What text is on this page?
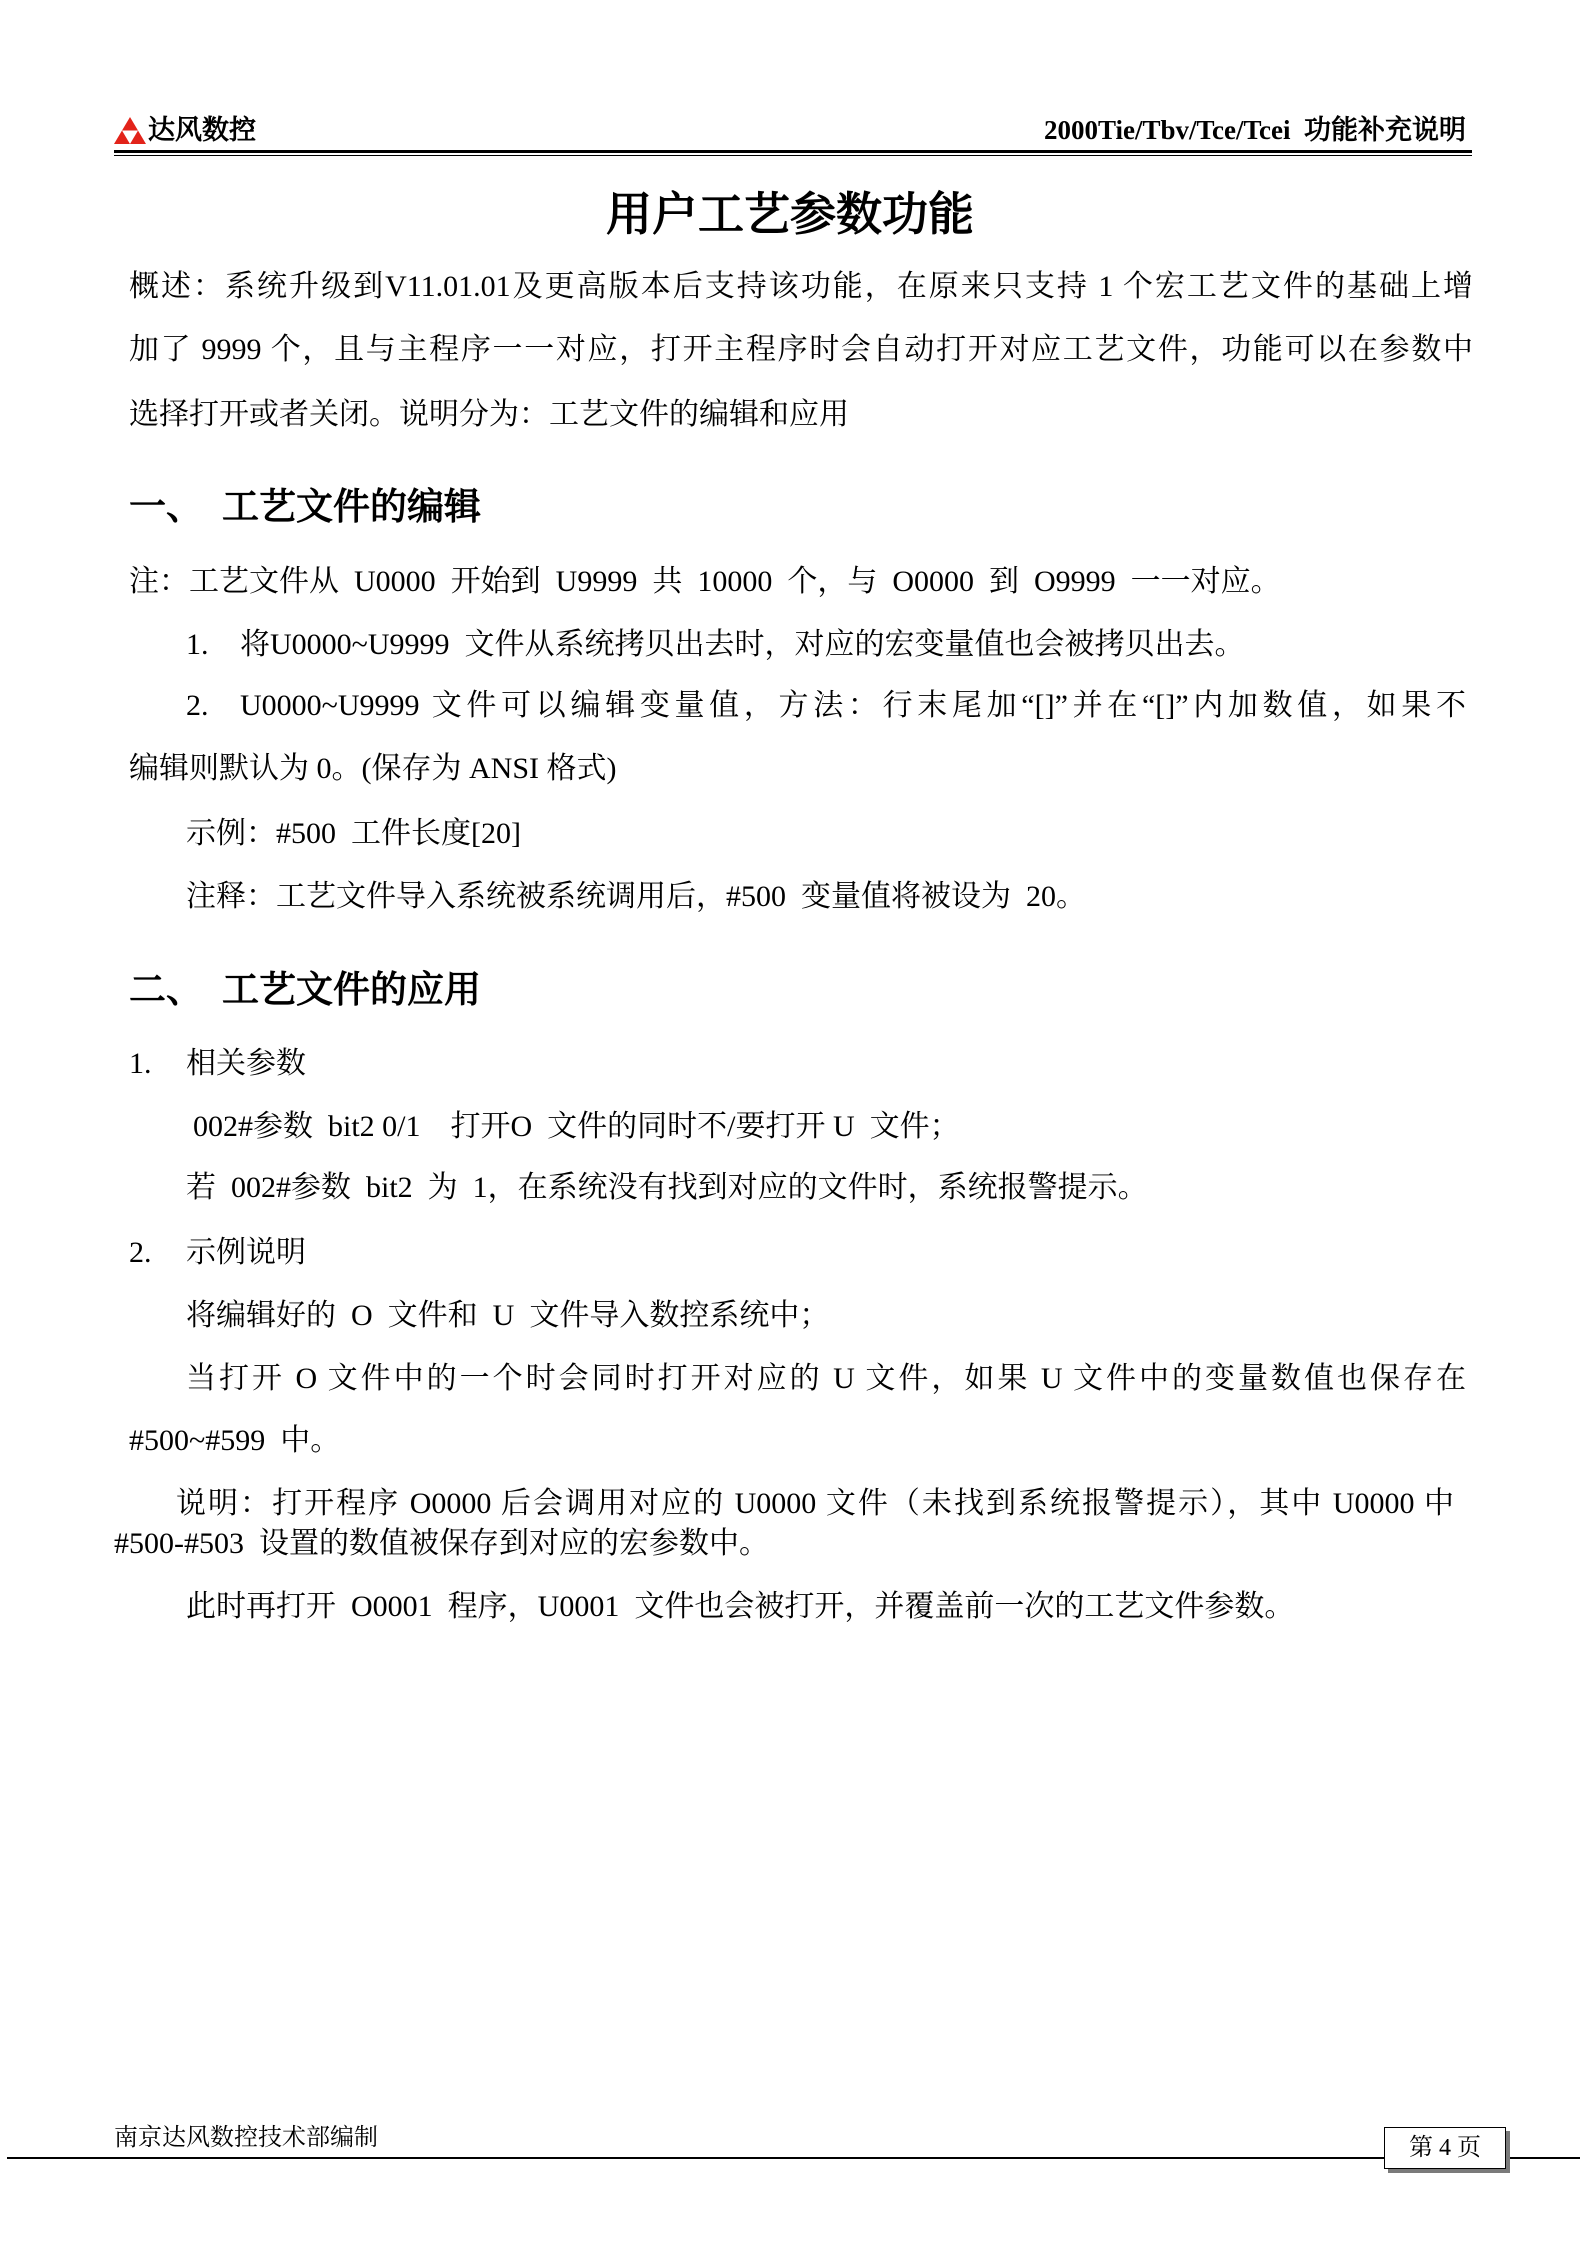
达风数控	2000Tie/Tbv/Tce/Tcei  功能补充说明
用户工艺参数功能
概述：系统升级到V11.01.01及更高版本后支持该功能，在原来只支持 1 个宏工艺文件的基础上增
加了 9999 个，且与主程序一一对应，打开主程序时会自动打开对应工艺文件，功能可以在参数中
选择打开或者关闭。说明分为：工艺文件的编辑和应用
一、 工艺文件的编辑
注：工艺文件从  U0000  开始到  U9999  共  10000  个，与  O0000  到  O9999  一一对应。
1. 将U0000~U9999  文件从系统拷贝出去时，对应的宏变量值也会被拷贝出去。
2. U0000~U9999 文件可以编辑变量值，方法：行末尾加“[]”并在“[]”内加数值，如果不
编辑则默认为 0。(保存为 ANSI 格式)
示例：#500  工件长度[20]
注释：工艺文件导入系统被系统调用后，#500  变量值将被设为  20。
二、 工艺文件的应用
1. 相关参数
002#参数  bit2 0/1    打开O  文件的同时不/要打开 U  文件；
若  002#参数  bit2  为  1，在系统没有找到对应的文件时，系统报警提示。
2. 示例说明
将编辑好的  O  文件和  U  文件导入数控系统中；
当打开 O 文件中的一个时会同时打开对应的 U 文件，如果 U 文件中的变量数值也保存在
#500~#599  中。
说明：打开程序 O0000 后会调用对应的 U0000 文件（未找到系统报警提示），其中 U0000 中
#500-#503  设置的数值被保存到对应的宏参数中。
此时再打开  O0001  程序，U0001  文件也会被打开，并覆盖前一次的工艺文件参数。
南京达风数控技术部编制	第 4 页
